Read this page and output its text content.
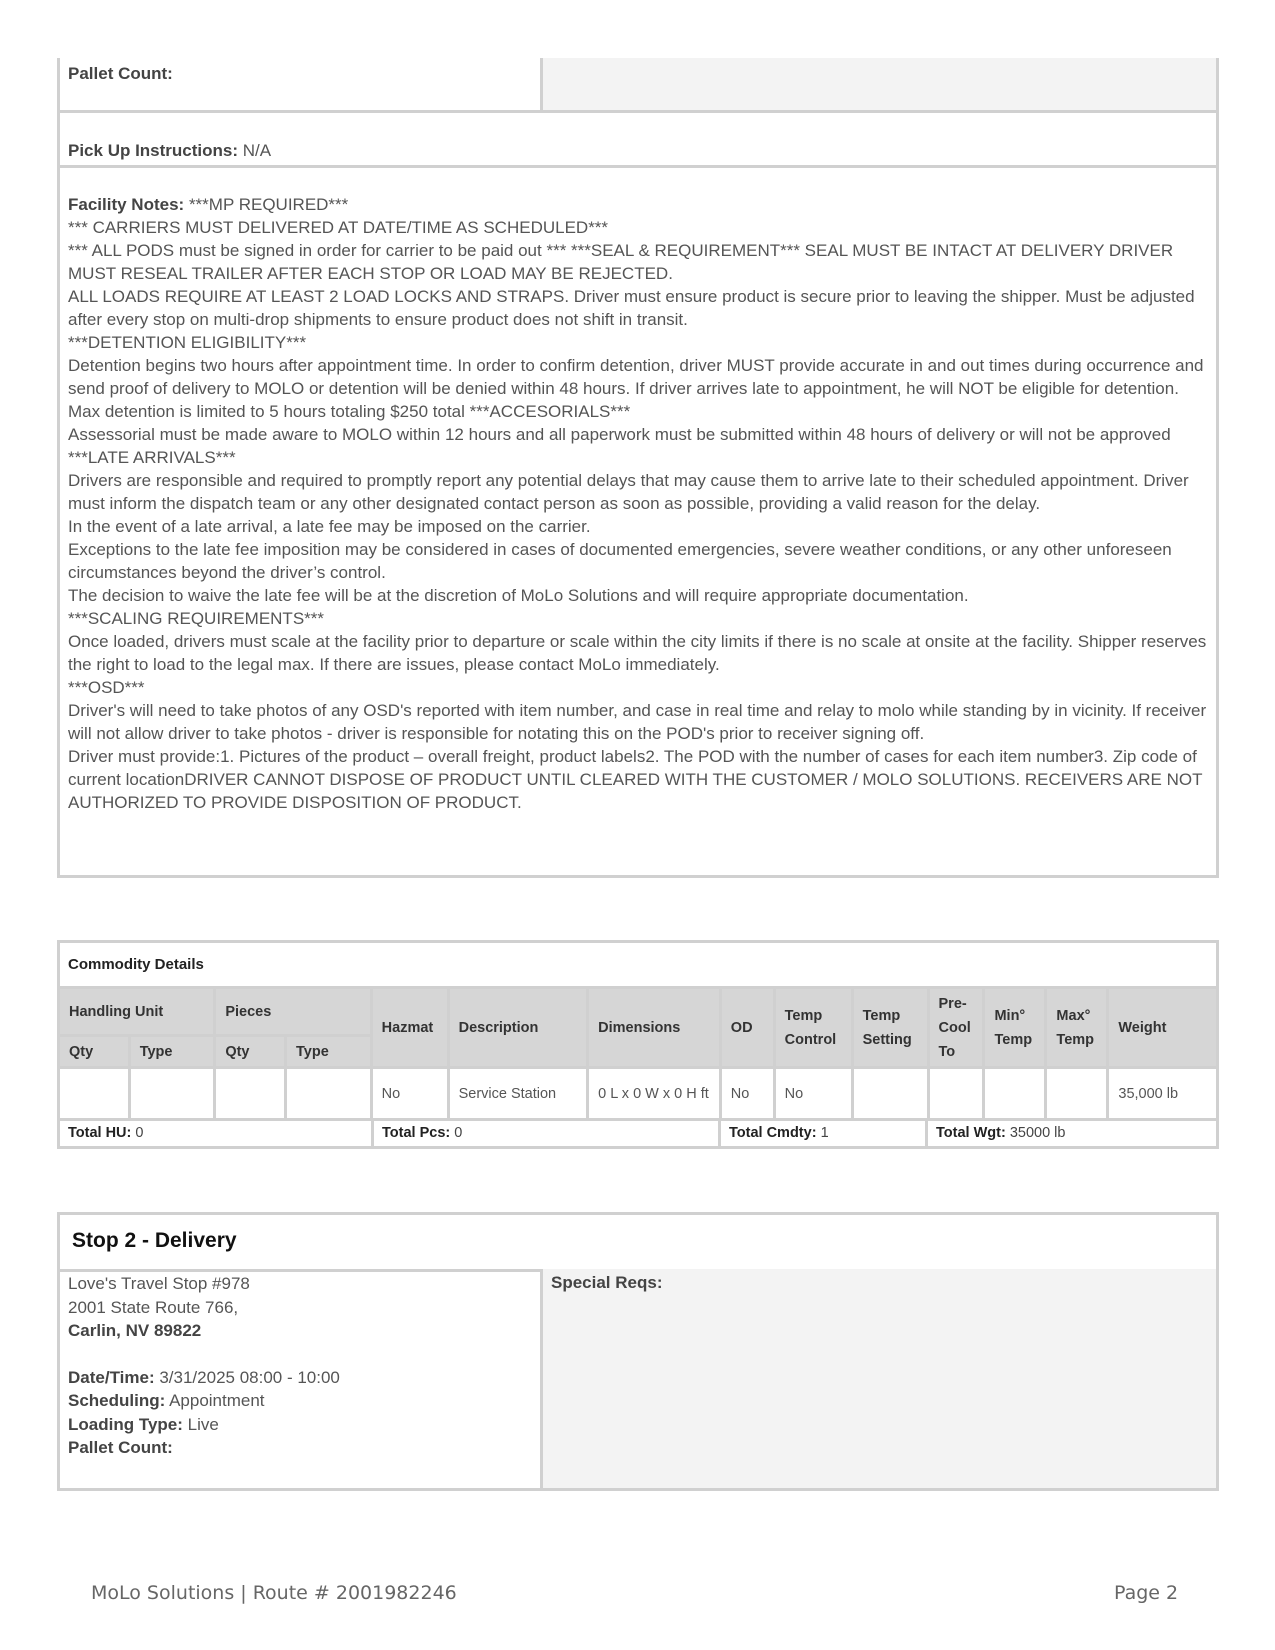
Pallet Count:
Pick Up Instructions: N/A

Facility Notes: ***MP REQUIRED***

*** CARRIERS MUST DELIVERED AT DATE/TIME AS SCHEDULED***

*** ALL PODS must be signed in order for carrier to be paid out *** ***SEAL & REQUIREMENT*** SEAL MUST BE INTACT AT DELIVERY DRIVER MUST RESEAL TRAILER AFTER EACH STOP OR LOAD MAY BE REJECTED.

ALL LOADS REQUIRE AT LEAST 2 LOAD LOCKS AND STRAPS. Driver must ensure product is secure prior to leaving the shipper. Must be adjusted after every stop on multi-drop shipments to ensure product does not shift in transit.

***DETENTION ELIGIBILITY***

Detention begins two hours after appointment time. In order to confirm detention, driver MUST provide accurate in and out times during occurrence and send proof of delivery to MOLO or detention will be denied within 48 hours. If driver arrives late to appointment, he will NOT be eligible for detention. Max detention is limited to 5 hours totaling $250 total ***ACCESORIALS***

Assessorial must be made aware to MOLO within 12 hours and all paperwork must be submitted within 48 hours of delivery or will not be approved ***LATE ARRIVALS***

Drivers are responsible and required to promptly report any potential delays that may cause them to arrive late to their scheduled appointment. Driver must inform the dispatch team or any other designated contact person as soon as possible, providing a valid reason for the delay.

In the event of a late arrival, a late fee may be imposed on the carrier.

Exceptions to the late fee imposition may be considered in cases of documented emergencies, severe weather conditions, or any other unforeseen circumstances beyond the driver’s control.

The decision to waive the late fee will be at the discretion of MoLo Solutions and will require appropriate documentation.

***SCALING REQUIREMENTS***

Once loaded, drivers must scale at the facility prior to departure or scale within the city limits if there is no scale at onsite at the facility. Shipper reserves the right to load to the legal max. If there are issues, please contact MoLo immediately.

***OSD***

Driver's will need to take photos of any OSD's reported with item number, and case in real time and relay to molo while standing by in vicinity. If receiver will not allow driver to take photos - driver is responsible for notating this on the POD's prior to receiver signing off.

Driver must provide:1. Pictures of the product – overall freight, product labels2. The POD with the number of cases for each item number3. Zip code of current locationDRIVER CANNOT DISPOSE OF PRODUCT UNTIL CLEARED WITH THE CUSTOMER / MOLO SOLUTIONS. RECEIVERS ARE NOT AUTHORIZED TO PROVIDE DISPOSITION OF PRODUCT.

Commodity Details
Handling Unit		Pieces		Hazmat	Description	Dimensions	OD	Temp Control	Temp Setting	Pre-Cool To	Min° Temp	Max° Temp	Weight
Qty	Type	Qty	Type										
				No	Service Station	0 L x 0 W x 0 H ft	No	No					35,000 lb
Total HU: 0	Total Pcs: 0	Total Cmdty: 1	Total Wgt: 35000 lb
Stop 2 - Delivery
Love's Travel Stop #978
2001 State Route 766,
Carlin, NV 89822
Date/Time: 3/31/2025 08:00 - 10:00
Scheduling: Appointment
Loading Type: Live
Pallet Count:
Special Reqs:
MoLo Solutions | Route # 2001982246	Page 2
